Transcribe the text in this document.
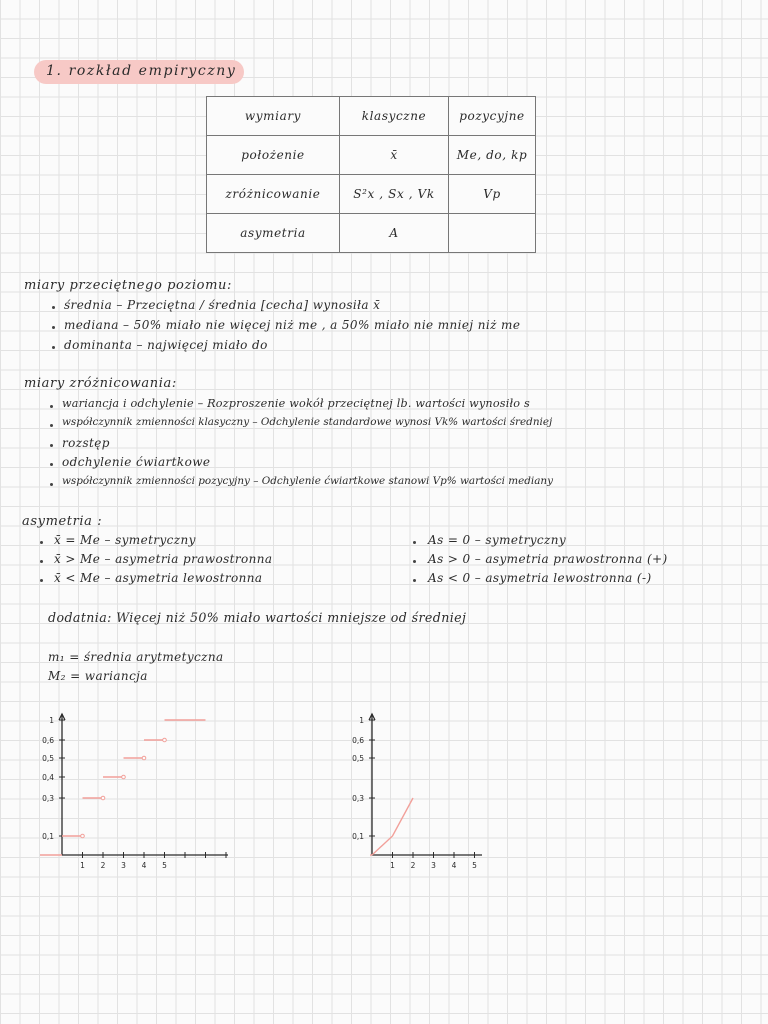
1. rozkład empiryczny
wymiary	klasyczne	pozycyjne
położenie	x̄	Me, do, kp
zróżnicowanie	S²x , Sx , Vk	Vp
asymetria	A	
miary przeciętnego poziomu:
średnia – Przeciętna / średnia [cecha] wynosiła x̄
mediana – 50% miało nie więcej niż me , a 50% miało nie mniej niż me
dominanta – najwięcej miało do
miary zróżnicowania:
wariancja i odchylenie – Rozproszenie wokół przeciętnej lb. wartości wynosiło s
współczynnik zmienności klasyczny – Odchylenie standardowe wynosi Vk% wartości średniej
rozstęp
odchylenie ćwiartkowe
współczynnik zmienności pozycyjny – Odchylenie ćwiartkowe stanowi Vp% wartości mediany
asymetria :
x̄ = Me – symetryczny
x̄ > Me – asymetria prawostronna
x̄ < Me – asymetria lewostronna
As = 0 – symetryczny
As > 0 – asymetria prawostronna (+)
As < 0 – asymetria lewostronna (-)
dodatnia: Więcej niż 50% miało wartości mniejsze od średniej
m₁ = średnia arytmetyczna
M₂ = wariancja
0,1
0,3
0,4
0,5
0,6
1
1 2 3 4 5
0,1
0,3
0,5
0,6
1
1 2 3 4 5
